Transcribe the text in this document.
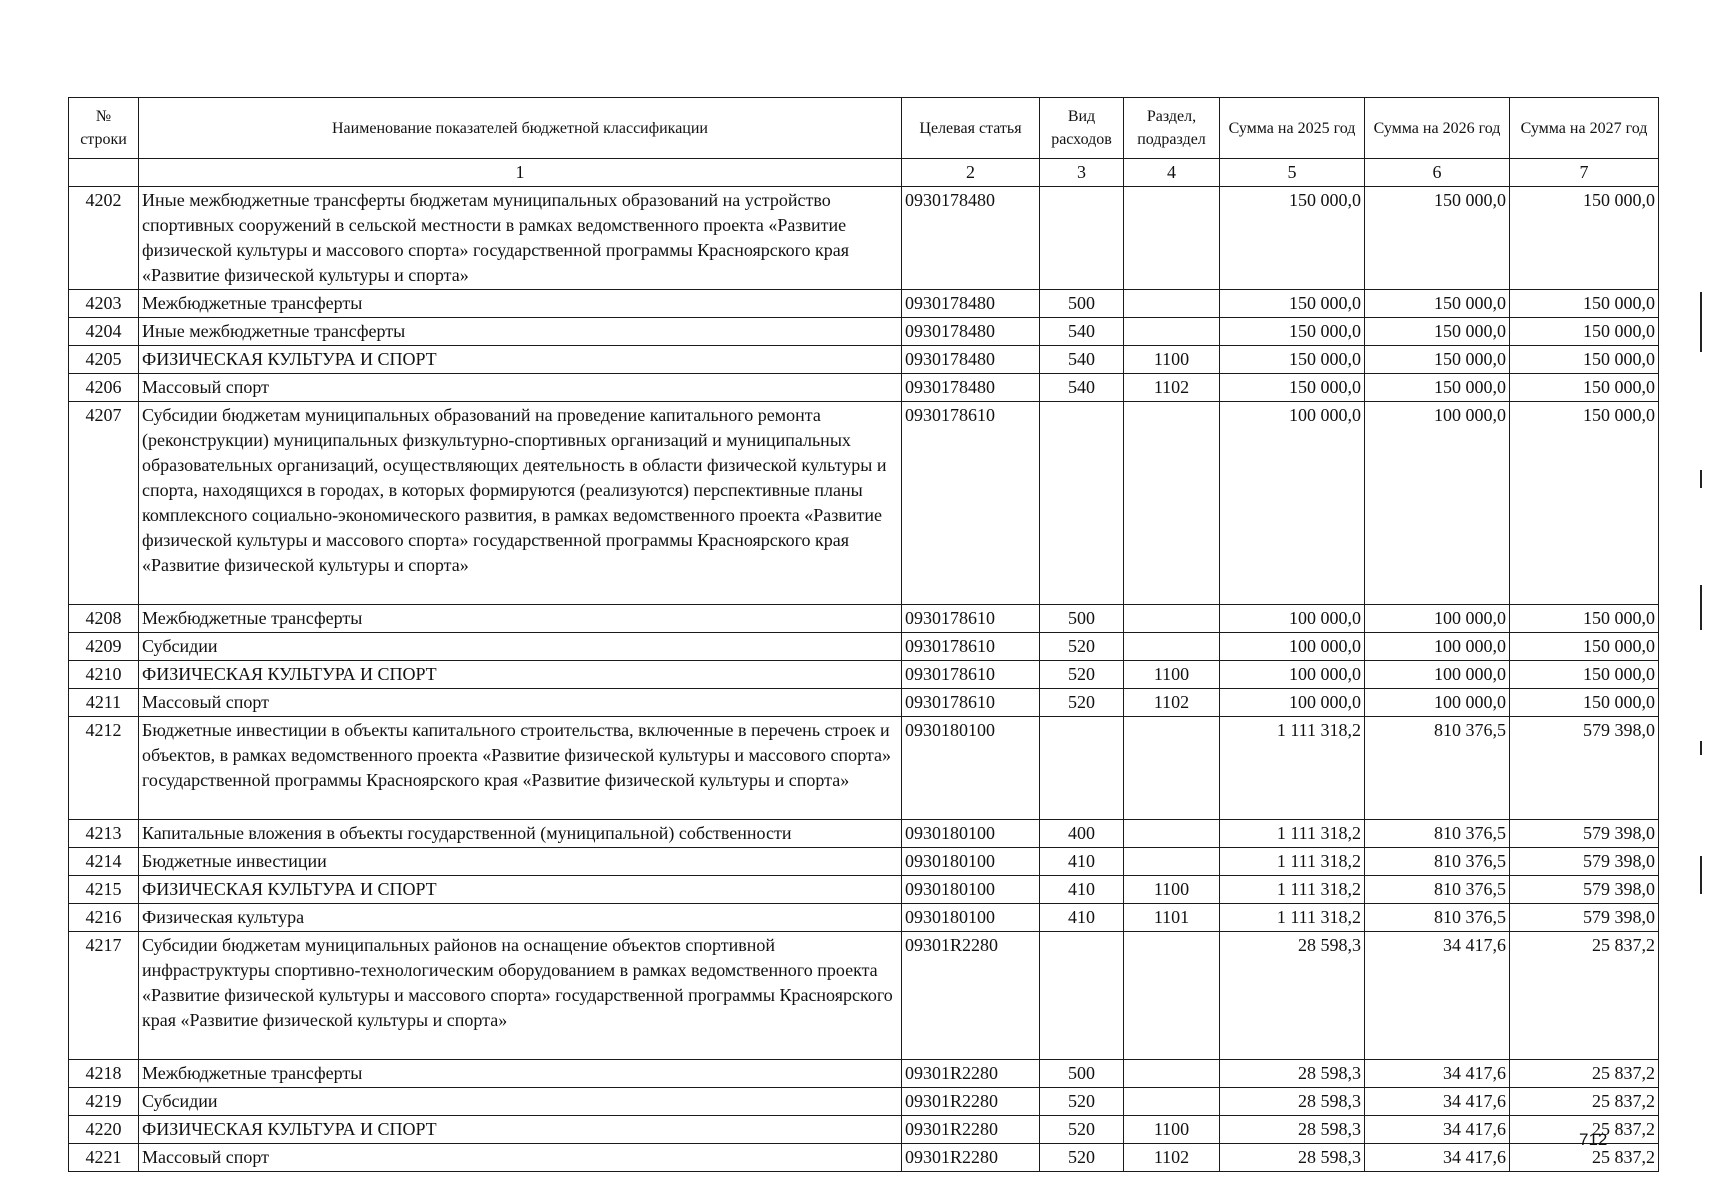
№ строки	Наименование показателей бюджетной классификации	Целевая статья	Вид расходов	Раздел, подраздел	Сумма на 2025 год	Сумма на 2026 год	Сумма на 2027 год
	1	2	3	4	5	6	7
4202	Иные межбюджетные трансферты бюджетам муниципальных образований на устройство спортивных сооружений в сельской местности в рамках ведомственного проекта «Развитие физической культуры и массового спорта» государственной программы Красноярского края «Развитие физической культуры и спорта»	0930178480			150 000,0	150 000,0	150 000,0
4203	Межбюджетные трансферты	0930178480	500		150 000,0	150 000,0	150 000,0
4204	Иные межбюджетные трансферты	0930178480	540		150 000,0	150 000,0	150 000,0
4205	ФИЗИЧЕСКАЯ КУЛЬТУРА И СПОРТ	0930178480	540	1100	150 000,0	150 000,0	150 000,0
4206	Массовый спорт	0930178480	540	1102	150 000,0	150 000,0	150 000,0
4207	Субсидии бюджетам муниципальных образований на проведение капитального ремонта (реконструкции) муниципальных физкультурно-спортивных организаций и муниципальных образовательных организаций, осуществляющих деятельность в области физической культуры и спорта, находящихся в городах, в которых формируются (реализуются) перспективные планы комплексного социально-экономического развития, в рамках ведомственного проекта «Развитие физической культуры и массового спорта» государственной программы Красноярского края «Развитие физической культуры и спорта»	0930178610			100 000,0	100 000,0	150 000,0
4208	Межбюджетные трансферты	0930178610	500		100 000,0	100 000,0	150 000,0
4209	Субсидии	0930178610	520		100 000,0	100 000,0	150 000,0
4210	ФИЗИЧЕСКАЯ КУЛЬТУРА И СПОРТ	0930178610	520	1100	100 000,0	100 000,0	150 000,0
4211	Массовый спорт	0930178610	520	1102	100 000,0	100 000,0	150 000,0
4212	Бюджетные инвестиции в объекты капитального строительства, включенные в перечень строек и объектов, в рамках ведомственного проекта «Развитие физической культуры и массового спорта» государственной программы Красноярского края «Развитие физической культуры и спорта»	0930180100			1 111 318,2	810 376,5	579 398,0
4213	Капитальные вложения в объекты государственной (муниципальной) собственности	0930180100	400		1 111 318,2	810 376,5	579 398,0
4214	Бюджетные инвестиции	0930180100	410		1 111 318,2	810 376,5	579 398,0
4215	ФИЗИЧЕСКАЯ КУЛЬТУРА И СПОРТ	0930180100	410	1100	1 111 318,2	810 376,5	579 398,0
4216	Физическая культура	0930180100	410	1101	1 111 318,2	810 376,5	579 398,0
4217	Субсидии бюджетам муниципальных районов на оснащение объектов спортивной инфраструктуры спортивно-технологическим оборудованием в рамках ведомственного проекта «Развитие физической культуры и массового спорта» государственной программы Красноярского края «Развитие физической культуры и спорта»	09301R2280			28 598,3	34 417,6	25 837,2
4218	Межбюджетные трансферты	09301R2280	500		28 598,3	34 417,6	25 837,2
4219	Субсидии	09301R2280	520		28 598,3	34 417,6	25 837,2
4220	ФИЗИЧЕСКАЯ КУЛЬТУРА И СПОРТ	09301R2280	520	1100	28 598,3	34 417,6	25 837,2
4221	Массовый спорт	09301R2280	520	1102	28 598,3	34 417,6	25 837,2
712
